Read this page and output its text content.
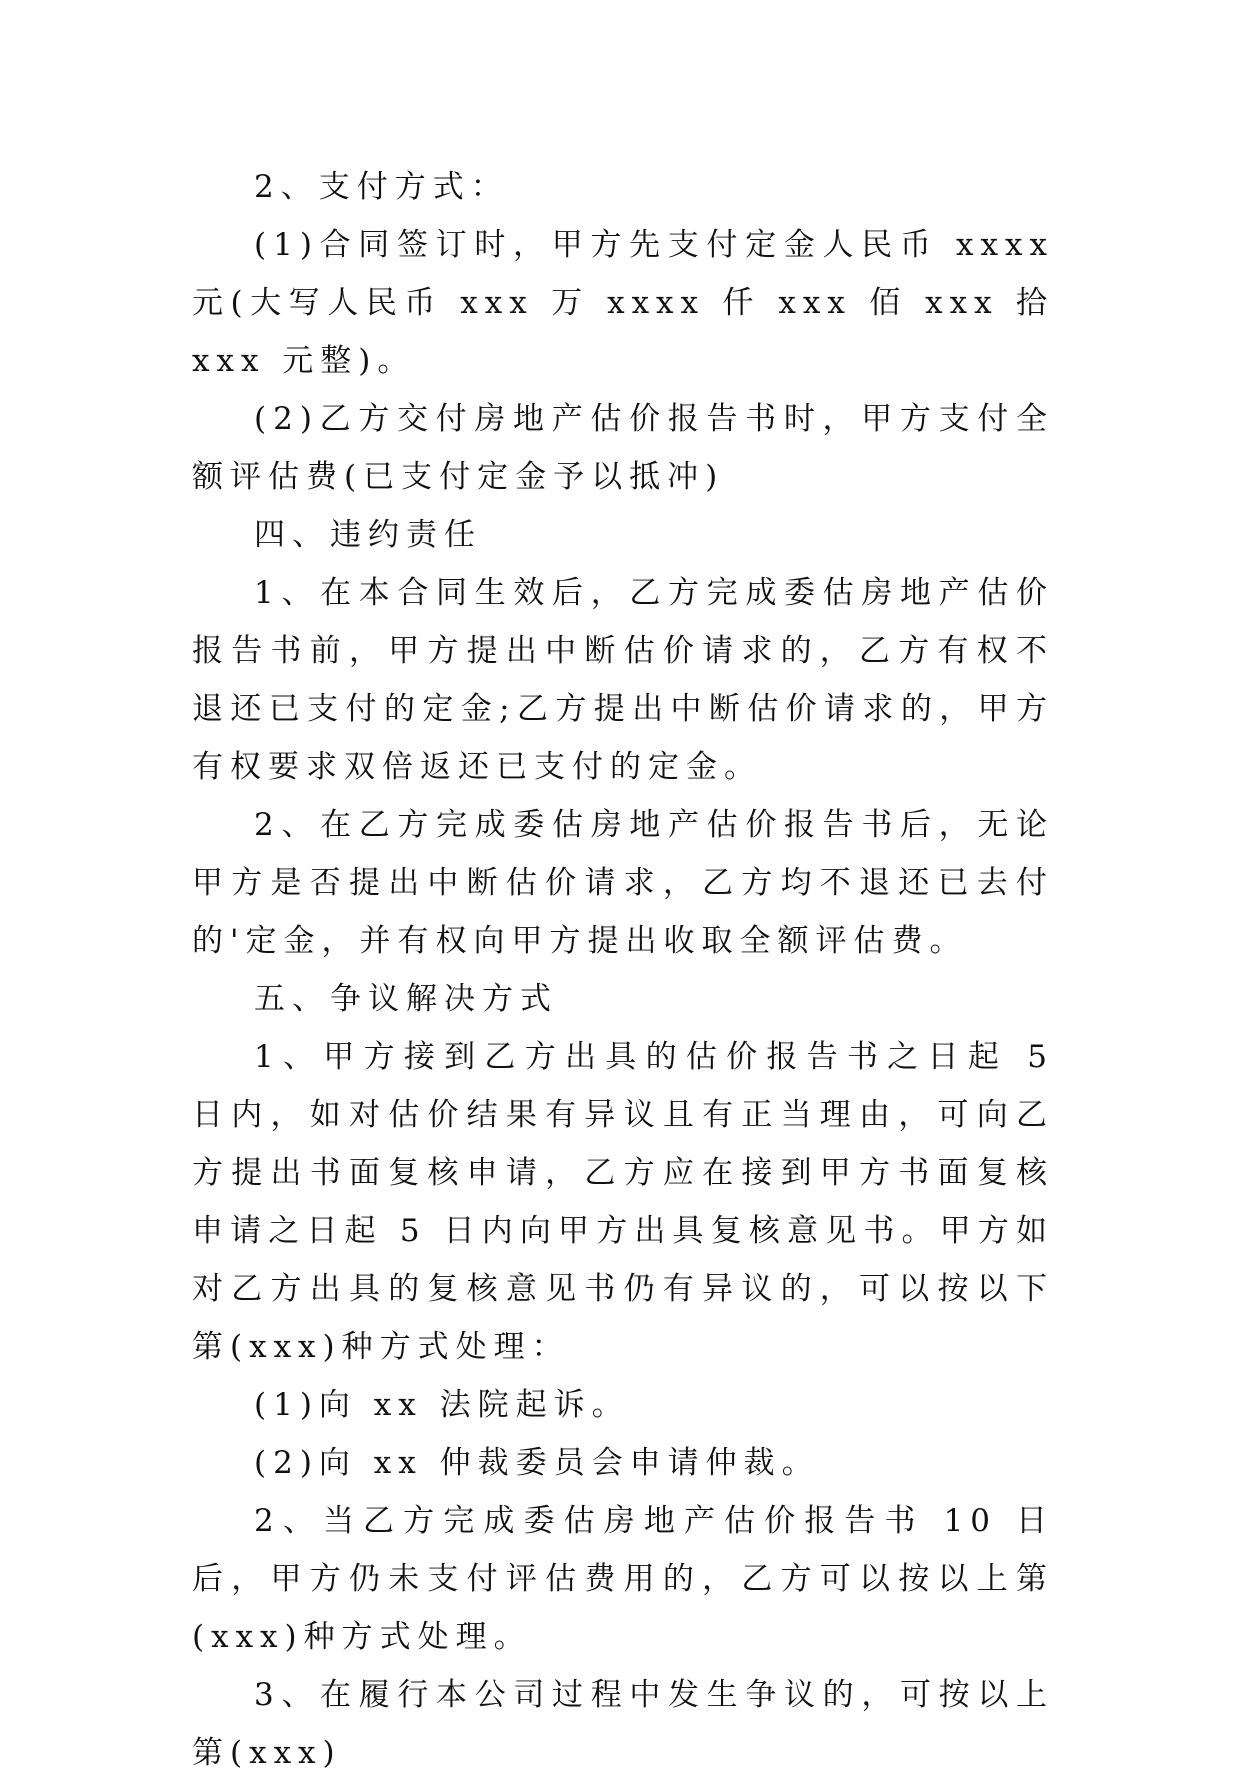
2、支付方式：

(1)合同签订时，甲方先支付定金人民币 xxxx 元(大写人民币 xxx 万 xxxx 仟 xxx 佰 xxx 拾 xxx 元整)。

(2)乙方交付房地产估价报告书时，甲方支付全额评估费(已支付定金予以抵冲)

四、违约责任

1、在本合同生效后，乙方完成委估房地产估价报告书前，甲方提出中断估价请求的，乙方有权不退还已支付的定金;乙方提出中断估价请求的，甲方有权要求双倍返还已支付的定金。

2、在乙方完成委估房地产估价报告书后，无论甲方是否提出中断估价请求，乙方均不退还已去付的'定金，并有权向甲方提出收取全额评估费。

五、争议解决方式

1、甲方接到乙方出具的估价报告书之日起 5 日内，如对估价结果有异议且有正当理由，可向乙方提出书面复核申请，乙方应在接到甲方书面复核申请之日起 5 日内向甲方出具复核意见书。甲方如对乙方出具的复核意见书仍有异议的，可以按以下第(xxx)种方式处理：

(1)向 xx 法院起诉。

(2)向 xx 仲裁委员会申请仲裁。

2、当乙方完成委估房地产估价报告书 10 日后，甲方仍未支付评估费用的，乙方可以按以上第(xxx)种方式处理。

3、在履行本公司过程中发生争议的，可按以上第(xxx)
